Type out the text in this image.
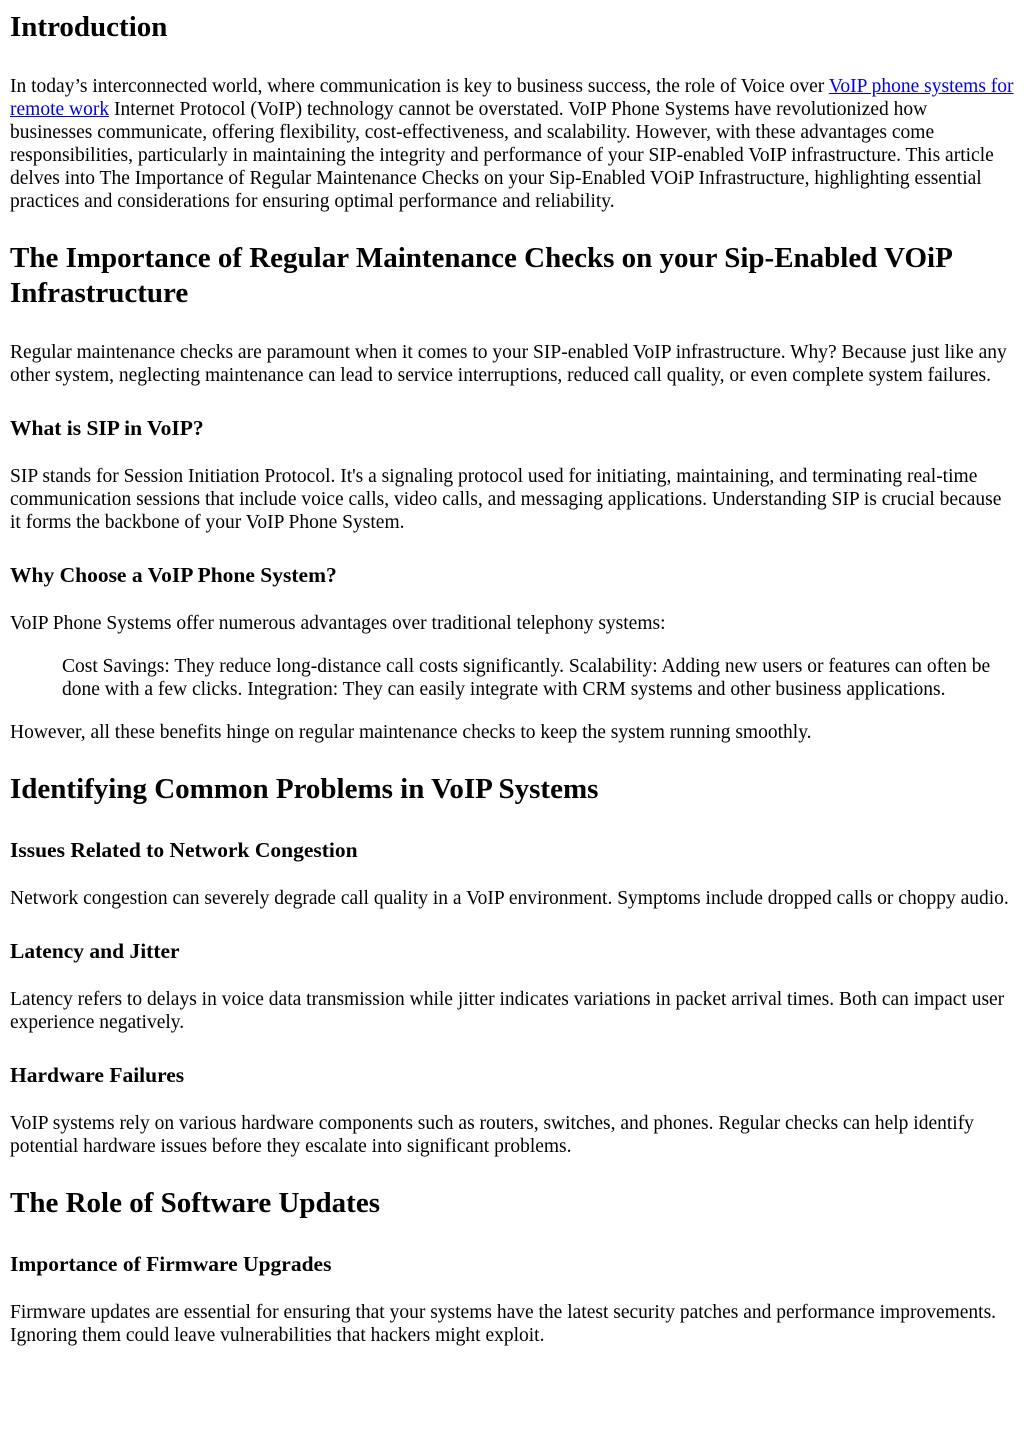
Introduction

In today’s interconnected world, where communication is key to business success, the role of Voice over VoIP phone systems for remote work Internet Protocol (VoIP) technology cannot be overstated. VoIP Phone Systems have revolutionized how businesses communicate, offering flexibility, cost-effectiveness, and scalability. However, with these advantages come responsibilities, particularly in maintaining the integrity and performance of your SIP-enabled VoIP infrastructure. This article delves into The Importance of Regular Maintenance Checks on your Sip-Enabled VOiP Infrastructure, highlighting essential practices and considerations for ensuring optimal performance and reliability.

The Importance of Regular Maintenance Checks on your Sip-Enabled VOiP Infrastructure

Regular maintenance checks are paramount when it comes to your SIP-enabled VoIP infrastructure. Why? Because just like any other system, neglecting maintenance can lead to service interruptions, reduced call quality, or even complete system failures.

What is SIP in VoIP?

SIP stands for Session Initiation Protocol. It's a signaling protocol used for initiating, maintaining, and terminating real-time communication sessions that include voice calls, video calls, and messaging applications. Understanding SIP is crucial because it forms the backbone of your VoIP Phone System.

Why Choose a VoIP Phone System?

VoIP Phone Systems offer numerous advantages over traditional telephony systems:

Cost Savings: They reduce long-distance call costs significantly. Scalability: Adding new users or features can often be done with a few clicks. Integration: They can easily integrate with CRM systems and other business applications.

However, all these benefits hinge on regular maintenance checks to keep the system running smoothly.

Identifying Common Problems in VoIP Systems
Issues Related to Network Congestion

Network congestion can severely degrade call quality in a VoIP environment. Symptoms include dropped calls or choppy audio.

Latency and Jitter

Latency refers to delays in voice data transmission while jitter indicates variations in packet arrival times. Both can impact user experience negatively.

Hardware Failures

VoIP systems rely on various hardware components such as routers, switches, and phones. Regular checks can help identify potential hardware issues before they escalate into significant problems.

The Role of Software Updates
Importance of Firmware Upgrades

Firmware updates are essential for ensuring that your systems have the latest security patches and performance improvements. Ignoring them could leave vulnerabilities that hackers might exploit.
